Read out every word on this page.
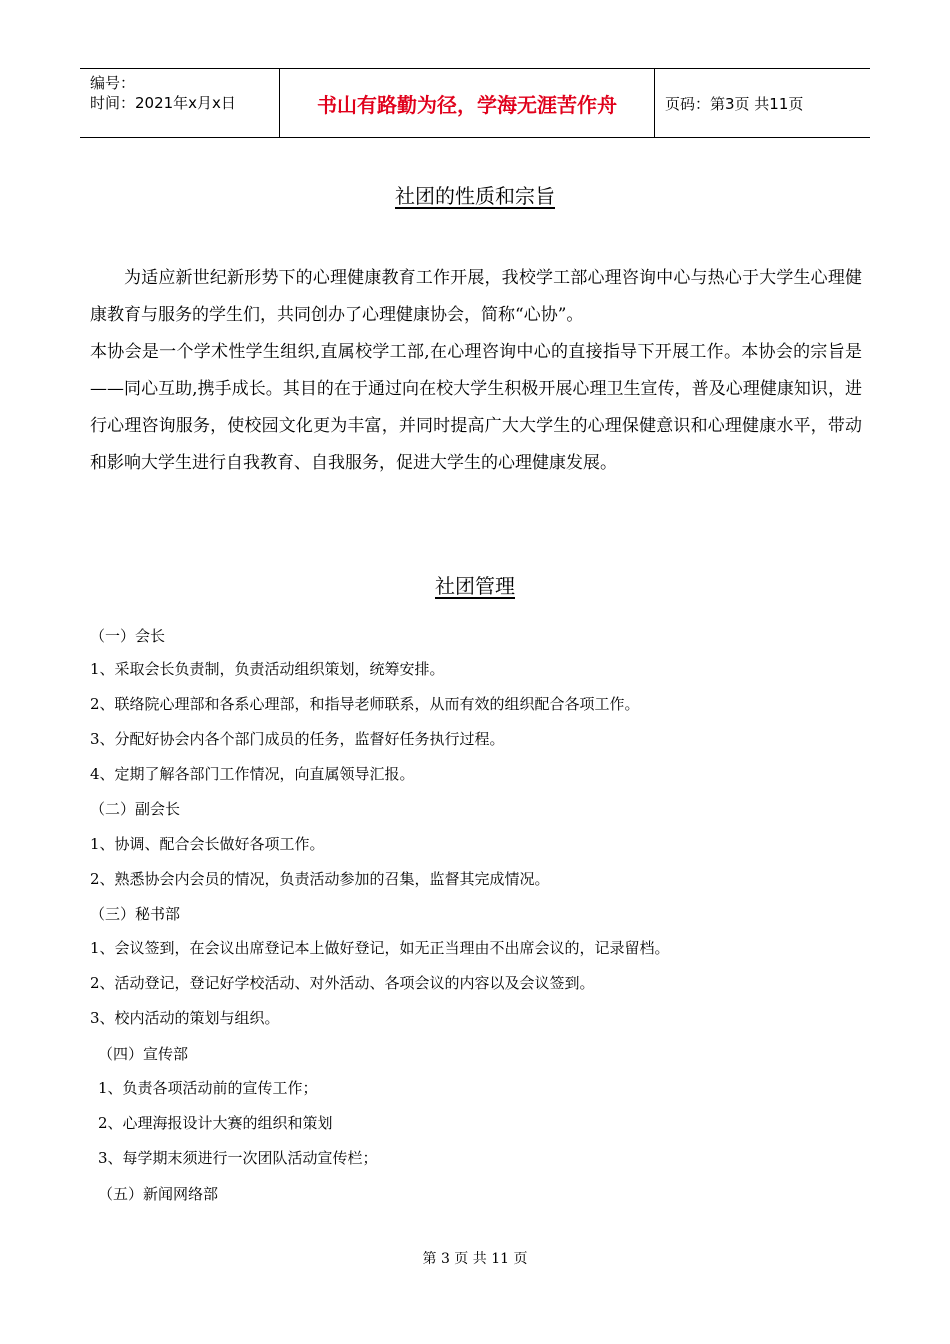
编号：
时间：2021年x月x日	书山有路勤为径，学海无涯苦作舟	页码：第3页 共11页
社团的性质和宗旨

为适应新世纪新形势下的心理健康教育工作开展，我校学工部心理咨询中心与热心于大学生心理健康教育与服务的学生们，共同创办了心理健康协会，简称“心协”。

本协会是一个学术性学生组织,直属校学工部,在心理咨询中心的直接指导下开展工作。本协会的宗旨是——同心互助,携手成长。其目的在于通过向在校大学生积极开展心理卫生宣传，普及心理健康知识，进行心理咨询服务，使校园文化更为丰富，并同时提高广大大学生的心理保健意识和心理健康水平，带动和影响大学生进行自我教育、自我服务，促进大学生的心理健康发展。

社团管理
（一）会长
1、采取会长负责制，负责活动组织策划，统筹安排。
2、联络院心理部和各系心理部，和指导老师联系，从而有效的组织配合各项工作。
3、分配好协会内各个部门成员的任务，监督好任务执行过程。
4、定期了解各部门工作情况，向直属领导汇报。
（二）副会长
1、协调、配合会长做好各项工作。
2、熟悉协会内会员的情况，负责活动参加的召集，监督其完成情况。
（三）秘书部
1、会议签到，在会议出席登记本上做好登记，如无正当理由不出席会议的，记录留档。
2、活动登记，登记好学校活动、对外活动、各项会议的内容以及会议签到。
3、校内活动的策划与组织。
（四）宣传部
1、负责各项活动前的宣传工作；
2、心理海报设计大赛的组织和策划
3、每学期末须进行一次团队活动宣传栏；
（五）新闻网络部
第 3 页 共 11 页
